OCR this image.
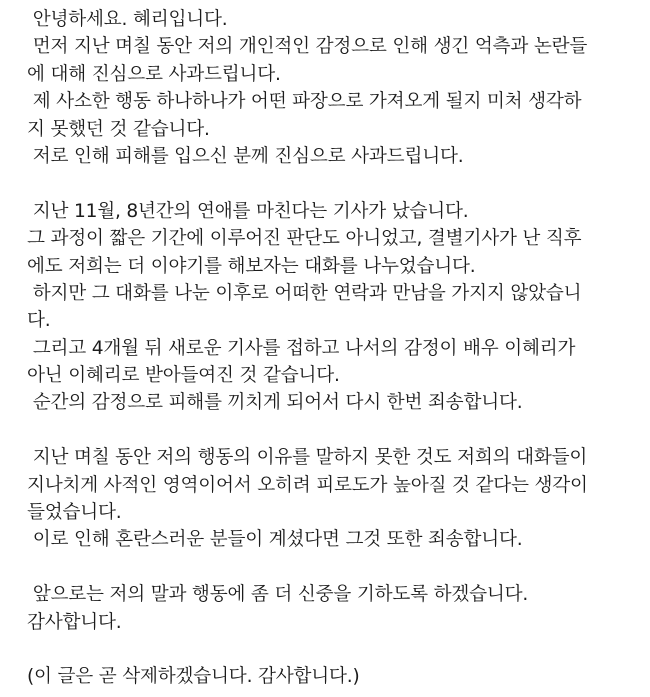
안녕하세요. 혜리입니다.
먼저 지난 며칠 동안 저의 개인적인 감정으로 인해 생긴 억측과 논란들
에 대해 진심으로 사과드립니다.
제 사소한 행동 하나하나가 어떤 파장으로 가져오게 될지 미처 생각하
지 못했던 것 같습니다.
저로 인해 피해를 입으신 분께 진심으로 사과드립니다.
지난 11월, 8년간의 연애를 마친다는 기사가 났습니다.
그 과정이 짧은 기간에 이루어진 판단도 아니었고, 결별기사가 난 직후
에도 저희는 더 이야기를 해보자는 대화를 나누었습니다.
하지만 그 대화를 나눈 이후로 어떠한 연락과 만남을 가지지 않았습니
다.
그리고 4개월 뒤 새로운 기사를 접하고 나서의 감정이 배우 이혜리가
아닌 이혜리로 받아들여진 것 같습니다.
순간의 감정으로 피해를 끼치게 되어서 다시 한번 죄송합니다.
지난 며칠 동안 저의 행동의 이유를 말하지 못한 것도 저희의 대화들이
지나치게 사적인 영역이어서 오히려 피로도가 높아질 것 같다는 생각이
들었습니다.
이로 인해 혼란스러운 분들이 계셨다면 그것 또한 죄송합니다.
앞으로는 저의 말과 행동에 좀 더 신중을 기하도록 하겠습니다.
감사합니다.
(이 글은 곧 삭제하겠습니다. 감사합니다.)
